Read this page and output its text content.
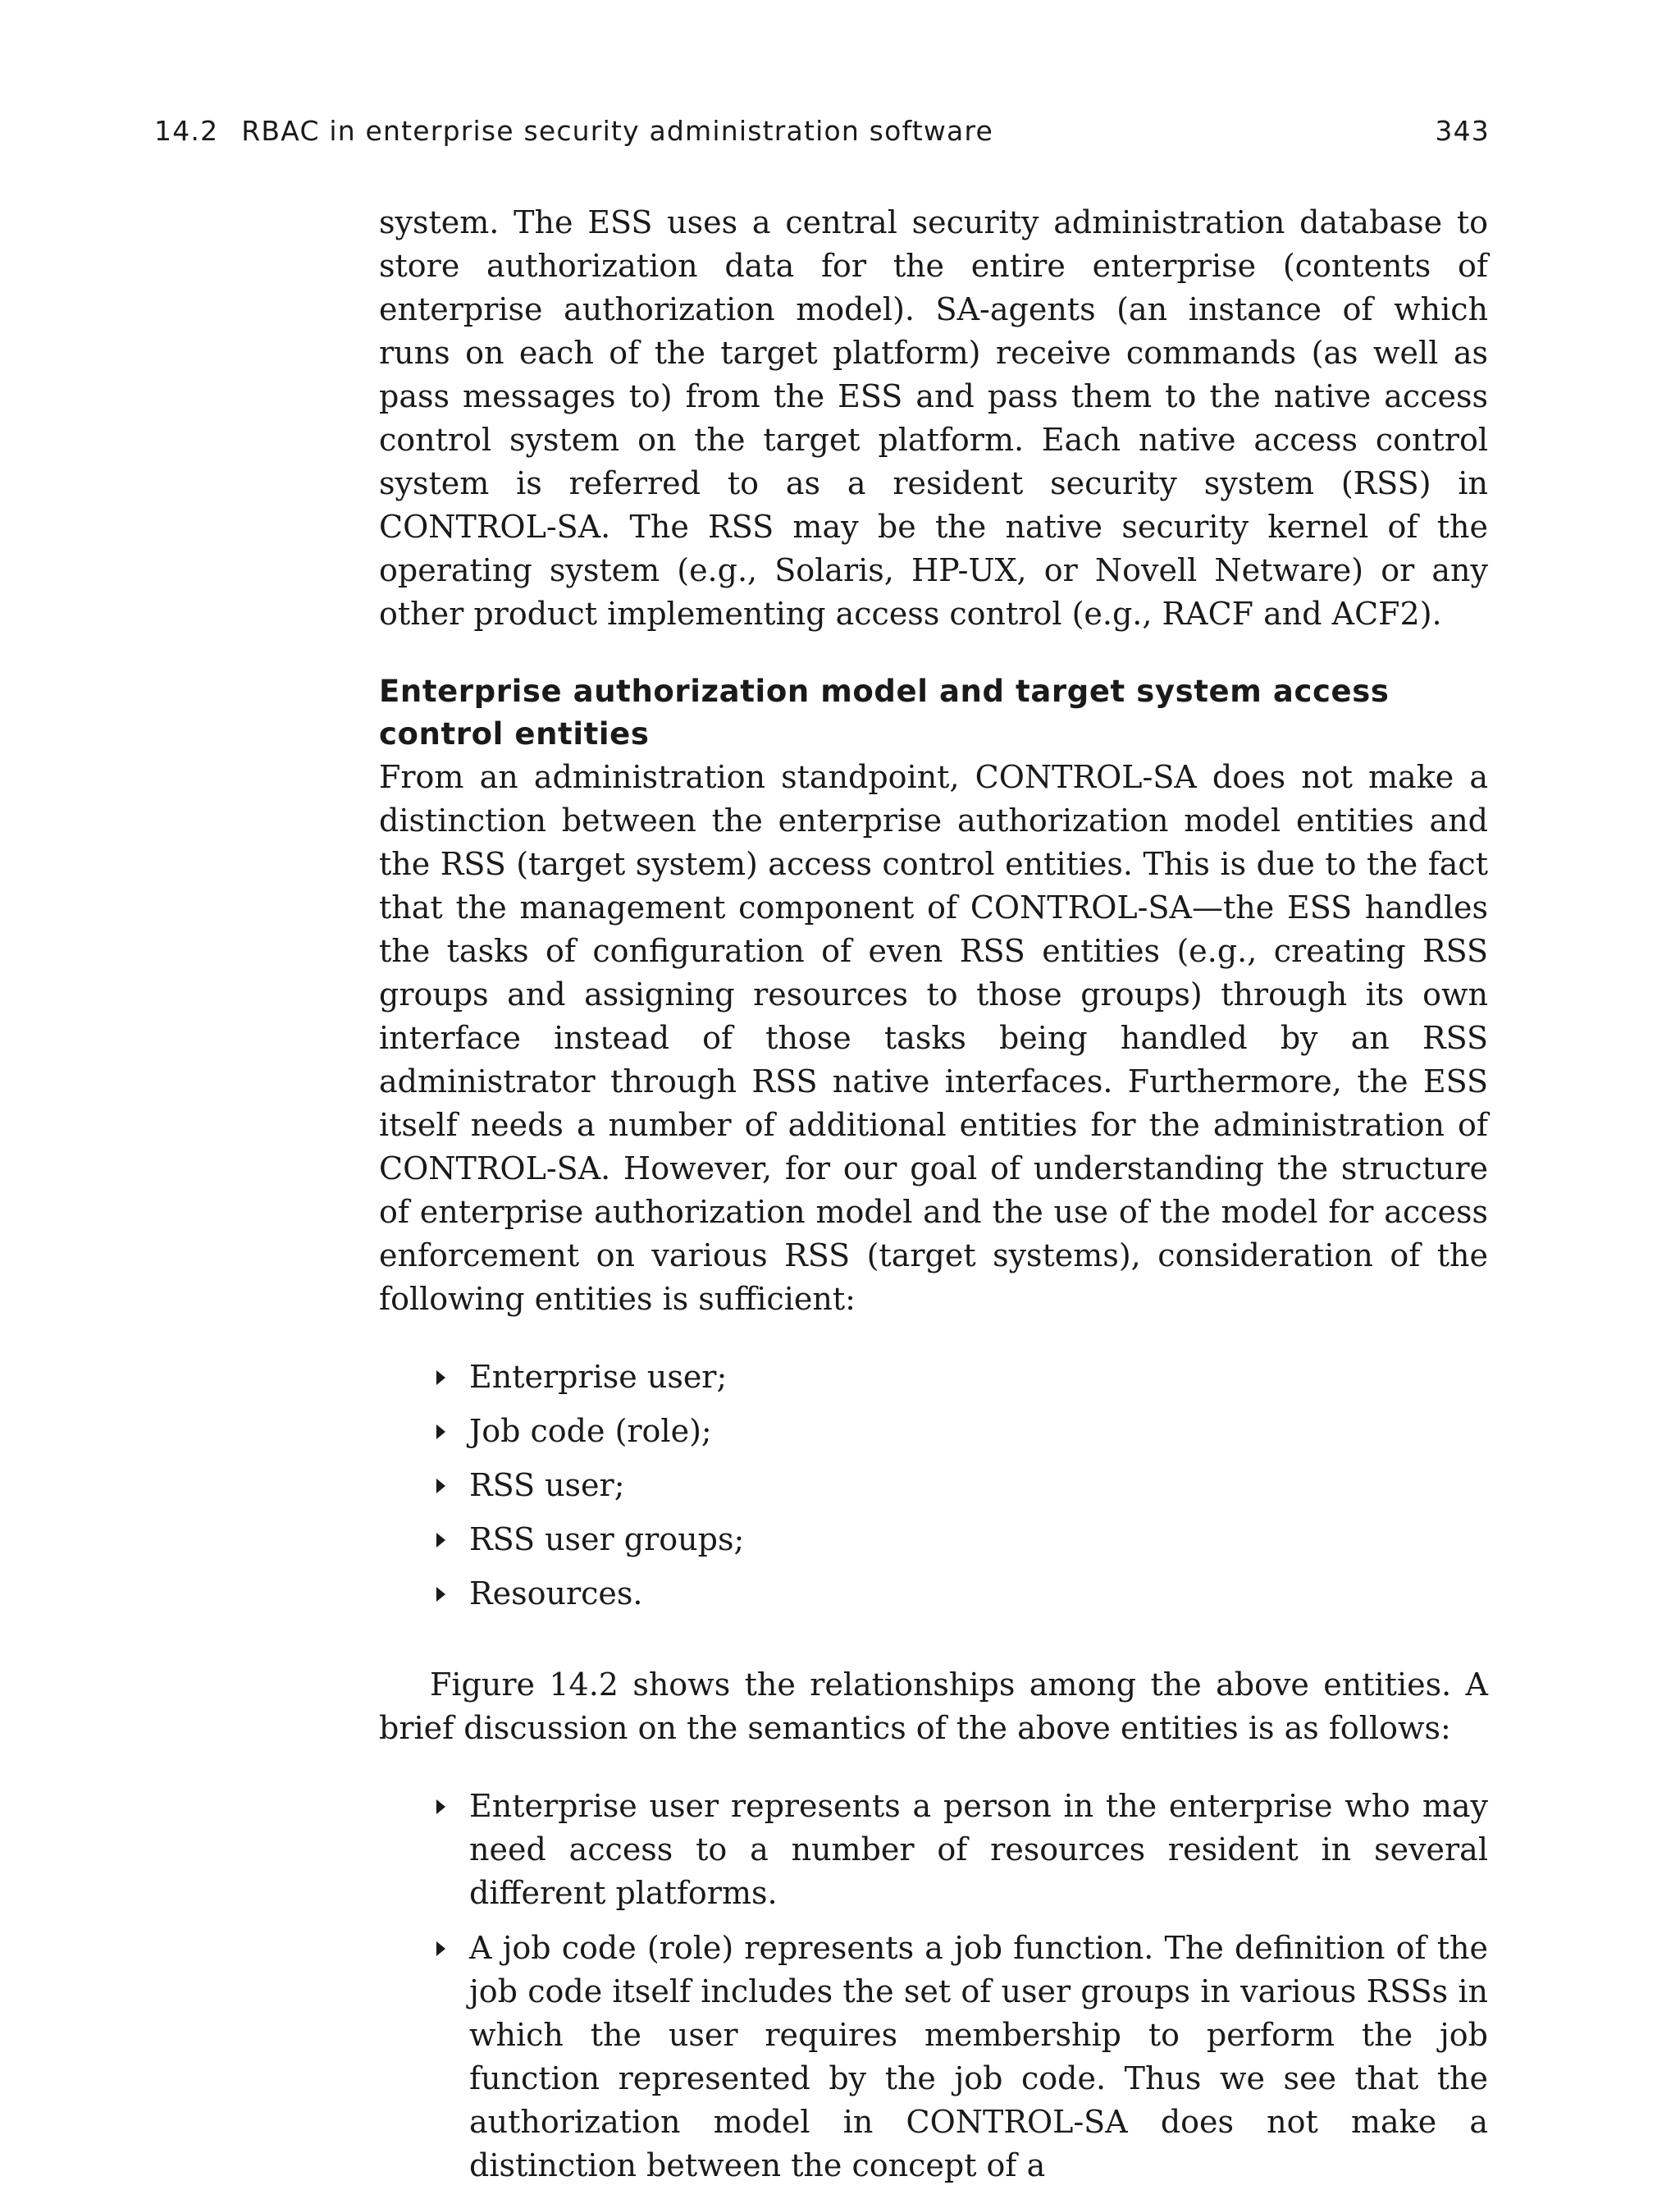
14.2 RBAC in enterprise security administration software	343

system. The ESS uses a central security administration database to store authorization data for the entire enterprise (contents of enterprise authorization model). SA-agents (an instance of which runs on each of the target platform) receive commands (as well as pass messages to) from the ESS and pass them to the native access control system on the target platform. Each native access control system is referred to as a resident security system (RSS) in CONTROL-SA. The RSS may be the native security kernel of the operating system (e.g., Solaris, HP-UX, or Novell Netware) or any other product implementing access control (e.g., RACF and ACF2).

Enterprise authorization model and target system access control entities

From an administration standpoint, CONTROL-SA does not make a distinction between the enterprise authorization model entities and the RSS (target system) access control entities. This is due to the fact that the management component of CONTROL-SA—the ESS handles the tasks of configuration of even RSS entities (e.g., creating RSS groups and assigning resources to those groups) through its own interface instead of those tasks being handled by an RSS administrator through RSS native interfaces. Furthermore, the ESS itself needs a number of additional entities for the administration of CONTROL-SA. However, for our goal of understanding the structure of enterprise authorization model and the use of the model for access enforcement on various RSS (target systems), consideration of the following entities is sufficient:

Enterprise user;
Job code (role);
RSS user;
RSS user groups;
Resources.

Figure 14.2 shows the relationships among the above entities. A brief discussion on the semantics of the above entities is as follows:

Enterprise user represents a person in the enterprise who may need access to a number of resources resident in several different platforms.
A job code (role) represents a job function. The definition of the job code itself includes the set of user groups in various RSSs in which the user requires membership to perform the job function represented by the job code. Thus we see that the authorization model in CONTROL-SA does not make a distinction between the concept of a
